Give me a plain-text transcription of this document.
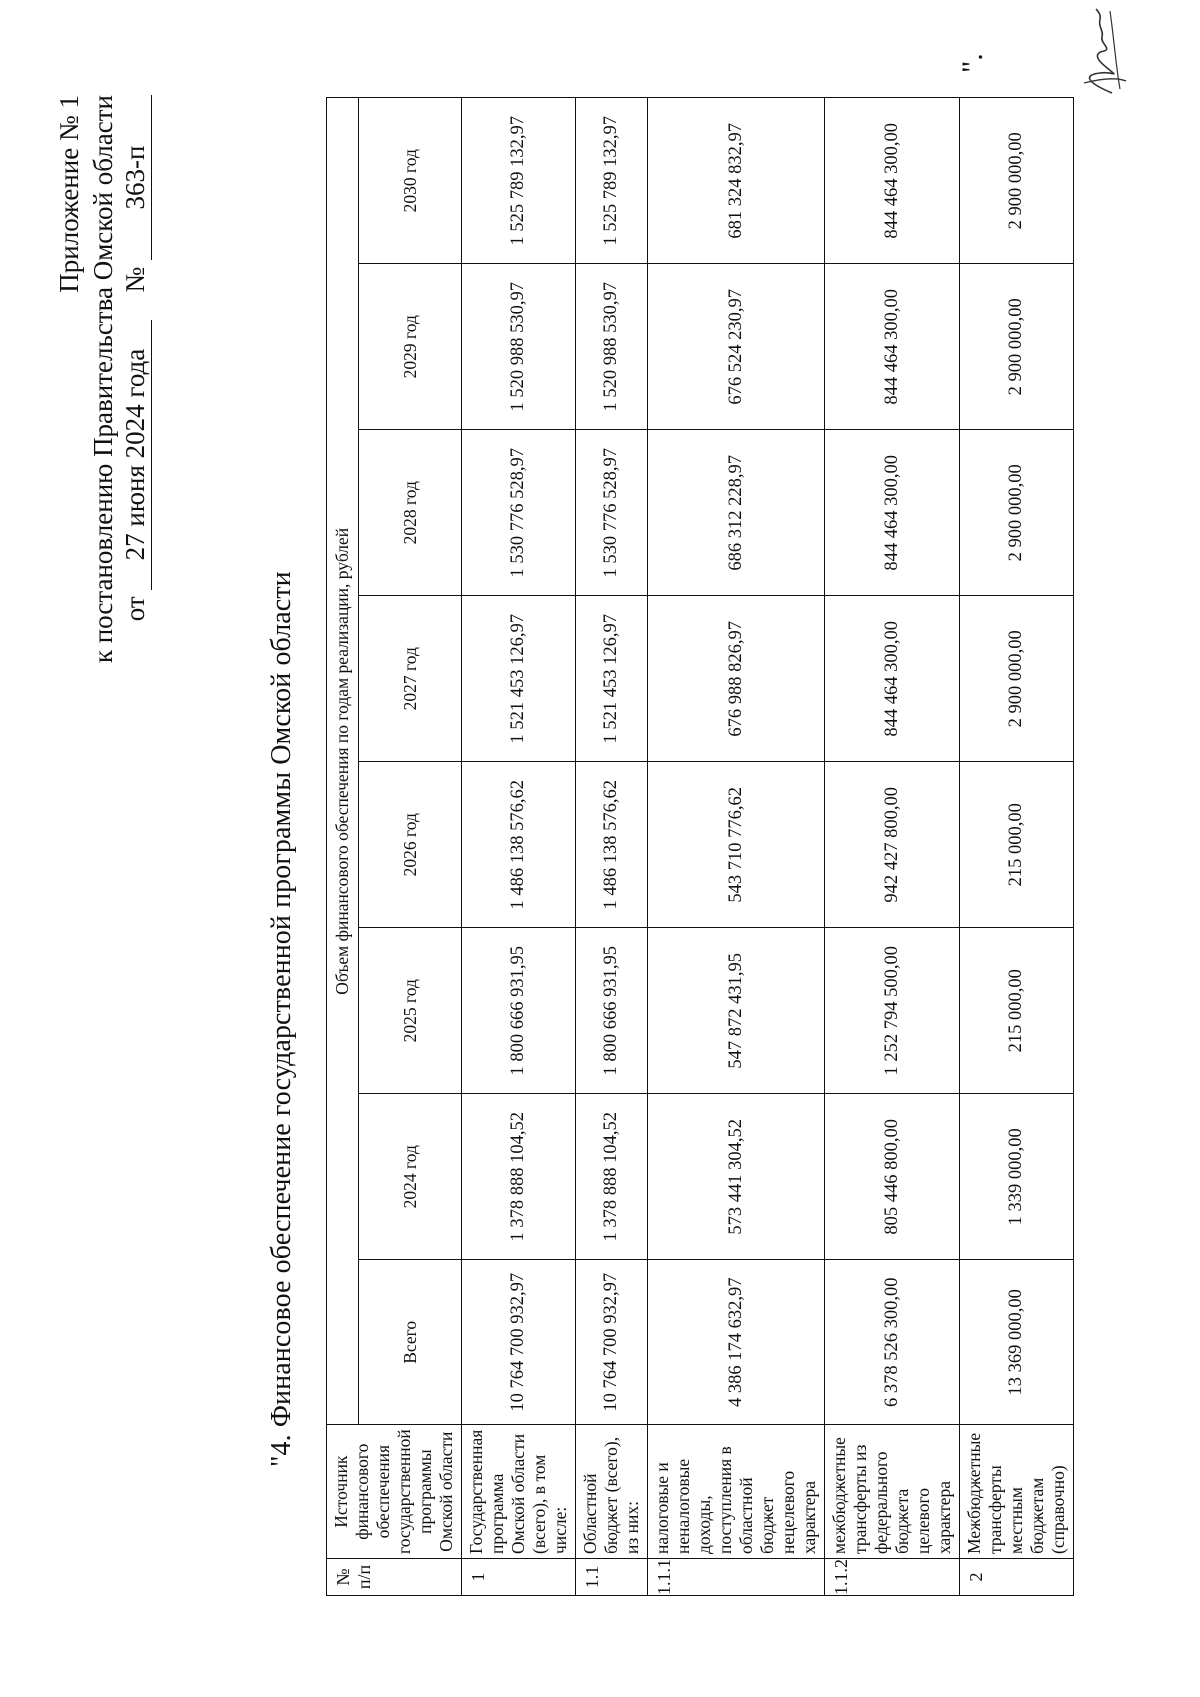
Приложение № 1 к постановлению Правительства Омской области от 27 июня 2024 года    № 363-п
"4. Финансовое обеспечение государственной программы Омской области
№ п/п	Источник финансового обеспечения государственной программы Омской области	Объем финансового обеспечения по годам реализации, рублей							
		Всего	2024 год	2025 год	2026 год	2027 год	2028 год	2029 год	2030 год
1	Государственная программа Омской области (всего), в том числе:	10 764 700 932,97	1 378 888 104,52	1 800 666 931,95	1 486 138 576,62	1 521 453 126,97	1 530 776 528,97	1 520 988 530,97	1 525 789 132,97
1.1	Областной бюджет (всего), из них:	10 764 700 932,97	1 378 888 104,52	1 800 666 931,95	1 486 138 576,62	1 521 453 126,97	1 530 776 528,97	1 520 988 530,97	1 525 789 132,97
1.1.1	налоговые и неналоговые доходы, поступления в областной бюджет нецелевого характера	4 386 174 632,97	573 441 304,52	547 872 431,95	543 710 776,62	676 988 826,97	686 312 228,97	676 524 230,97	681 324 832,97
1.1.2	межбюджетные трансферты из федерального бюджета целевого характера	6 378 526 300,00	805 446 800,00	1 252 794 500,00	942 427 800,00	844 464 300,00	844 464 300,00	844 464 300,00	844 464 300,00
2	Межбюджетные трансферты местным бюджетам (справочно)	13 369 000,00	1 339 000,00	215 000,00	215 000,00	2 900 000,00	2 900 000,00	2 900 000,00	2 900 000,00
".
